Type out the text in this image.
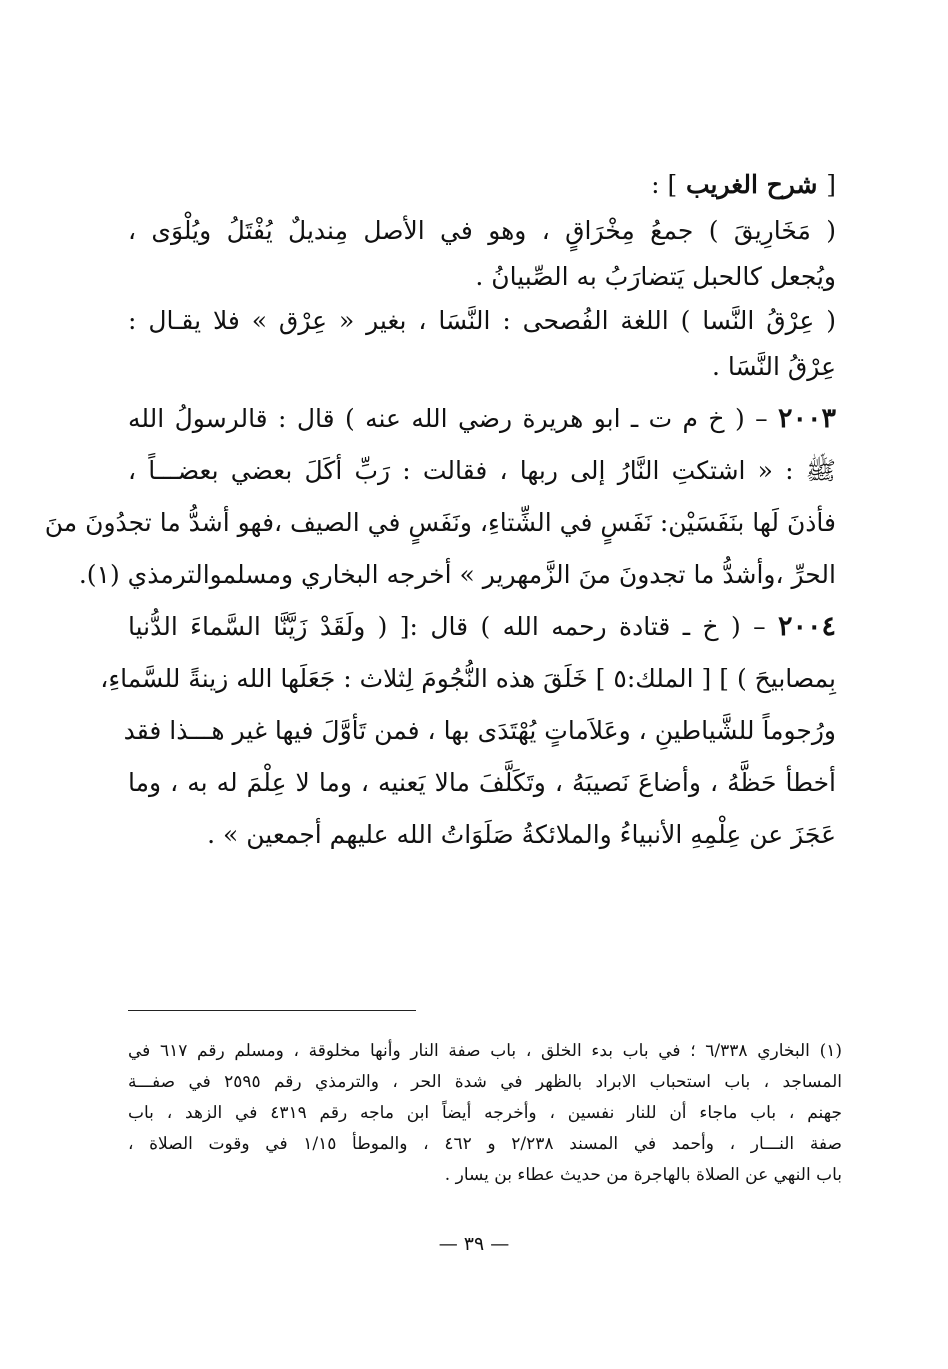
[ شرح الغريب ] :
( مَخَارِيقَ ) جمعُ مِخْرَاقٍ ، وهو في الأصل مِنديلٌ يُفْتَلُ ويُلْوَى ،
ويُجعل كالحبل يَتضارَبُ به الصِّبيانُ .
( عِرْقُ النَّسا ) اللغة الفُصحى : النَّسَا ، بغير « عِرْق » فلا يقـال :
عِرْقُ النَّسَا .
٢٠٠٣ – ( خ م ت ـ ابو هريرة رضي الله عنه ) قال : قالرسولُ الله
ﷺ : « اشتكتِ النَّارُ إلى ربها ، فقالت : رَبِّ أكَلَ بعضي بعضـــاً ،
فأذنَ لَها بنَفَسَيْن: نَفَسٍ في الشِّتاءِ، ونَفَسٍ في الصيف ،فهو أشدُّ ما تجدُونَ منَ
الحرِّ ،وأشدُّ ما تجدونَ منَ الزَّمهرير » أخرجه البخاري ومسلموالترمذي (١).
٢٠٠٤ – ( خ ـ قتادة رحمه الله ) قال :[ ( ولَقَدْ زَيَّنَّا السَّماءَ الدُّنيا
بِمصابيحَ ) ] [ الملك:٥ ] خَلَقَ هذه النُّجُومَ لِثلاث : جَعَلَها الله زينةً للسَّماءِ،
ورُجوماً للشَّياطينِ ، وعَلاَماتٍ يُهْتَدَى بها ، فمن تَأوَّلَ فيها غير هـــذا فقد
أخطأ حَظَّهُ ، وأضاعَ نَصيبَهُ ، وتَكَلَّفَ مالا يَعنيه ، وما لا عِلْمَ له به ، وما
عَجَزَ عن عِلْمِهِ الأنبياءُ والملائكةُ صَلَوَاتُ الله عليهم أجمعين » .
(١) البخاري ٦/٣٣٨ ؛ في باب بدء الخلق ، باب صفة النار وأنها مخلوقة ، ومسلم رقم ٦١٧ في
المساجد ، باب استحباب الابراد بالظهر في شدة الحر ، والترمذي رقم ٢٥٩٥ في صفـــة
جهنم ، باب ماجاء أن للنار نفسين ، وأخرجه أيضاً ابن ماجه رقم ٤٣١٩ في الزهد ، باب
صفة النـــار ، وأحمد في المسند ٢/٢٣٨ و ٤٦٢ ، والموطأ ١/١٥ في وقوت الصلاة ،
باب النهي عن الصلاة بالهاجرة من حديث عطاء بن يسار .
— ٣٩ —
